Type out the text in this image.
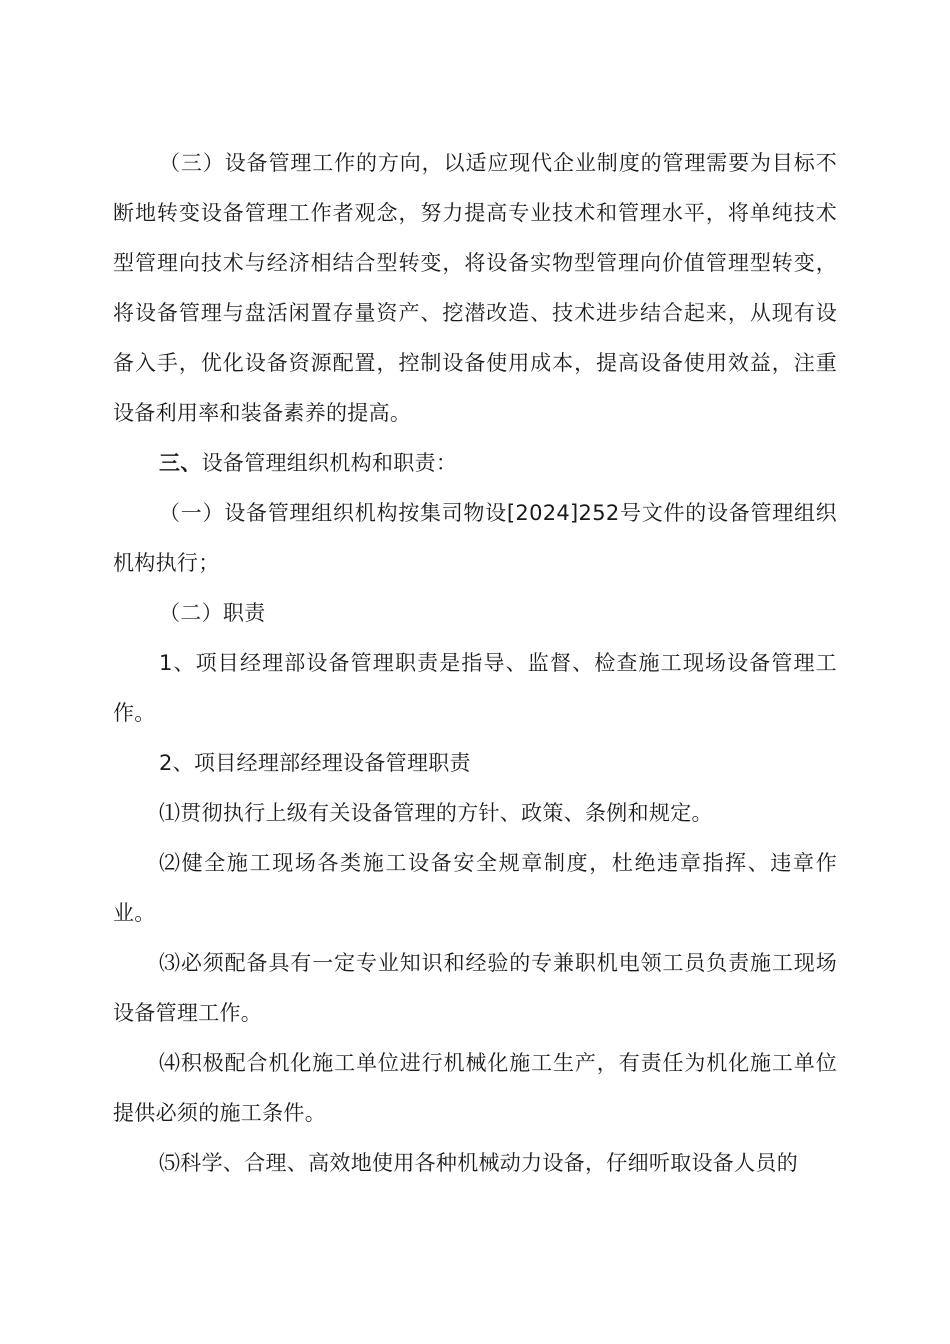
（三）设备管理工作的方向，以适应现代企业制度的管理需要为目标不断地转变设备管理工作者观念，努力提高专业技术和管理水平，将单纯技术型管理向技术与经济相结合型转变，将设备实物型管理向价值管理型转变，将设备管理与盘活闲置存量资产、挖潜改造、技术进步结合起来，从现有设备入手，优化设备资源配置，控制设备使用成本，提高设备使用效益，注重设备利用率和装备素养的提高。

三、设备管理组织机构和职责：

（一）设备管理组织机构按集司物设[2024]252号文件的设备管理组织机构执行；

（二）职责

1、项目经理部设备管理职责是指导、监督、检查施工现场设备管理工作。

2、项目经理部经理设备管理职责

⑴贯彻执行上级有关设备管理的方针、政策、条例和规定。

⑵健全施工现场各类施工设备安全规章制度，杜绝违章指挥、违章作业。

⑶必须配备具有一定专业知识和经验的专兼职机电领工员负责施工现场设备管理工作。

⑷积极配合机化施工单位进行机械化施工生产，有责任为机化施工单位提供必须的施工条件。

⑸科学、合理、高效地使用各种机械动力设备，仔细听取设备人员的
